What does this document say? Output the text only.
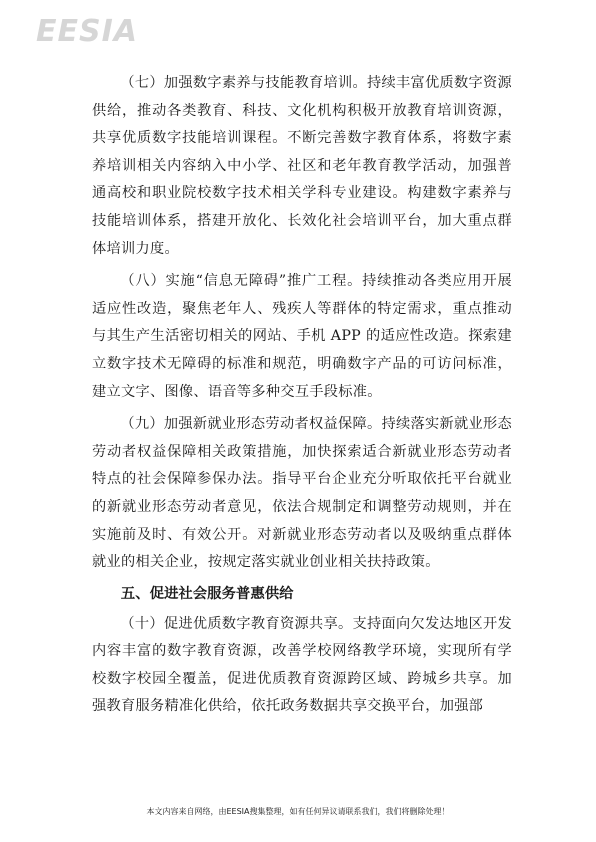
EESIA

（七）加强数字素养与技能教育培训。持续丰富优质数字资源供给，推动各类教育、科技、文化机构积极开放教育培训资源，共享优质数字技能培训课程。不断完善数字教育体系，将数字素养培训相关内容纳入中小学、社区和老年教育教学活动，加强普通高校和职业院校数字技术相关学科专业建设。构建数字素养与技能培训体系，搭建开放化、长效化社会培训平台，加大重点群体培训力度。

（八）实施“信息无障碍”推广工程。持续推动各类应用开展适应性改造，聚焦老年人、残疾人等群体的特定需求，重点推动与其生产生活密切相关的网站、手机 APP 的适应性改造。探索建立数字技术无障碍的标准和规范，明确数字产品的可访问标准，建立文字、图像、语音等多种交互手段标准。

（九）加强新就业形态劳动者权益保障。持续落实新就业形态劳动者权益保障相关政策措施，加快探索适合新就业形态劳动者特点的社会保障参保办法。指导平台企业充分听取依托平台就业的新就业形态劳动者意见，依法合规制定和调整劳动规则，并在实施前及时、有效公开。对新就业形态劳动者以及吸纳重点群体就业的相关企业，按规定落实就业创业相关扶持政策。

五、促进社会服务普惠供给

（十）促进优质数字教育资源共享。支持面向欠发达地区开发内容丰富的数字教育资源，改善学校网络教学环境，实现所有学校数字校园全覆盖，促进优质教育资源跨区域、跨城乡共享。加强教育服务精准化供给，依托政务数据共享交换平台，加强部

本文内容来自网络，由EESIA搜集整理，如有任何异议请联系我们，我们将删除处理！
